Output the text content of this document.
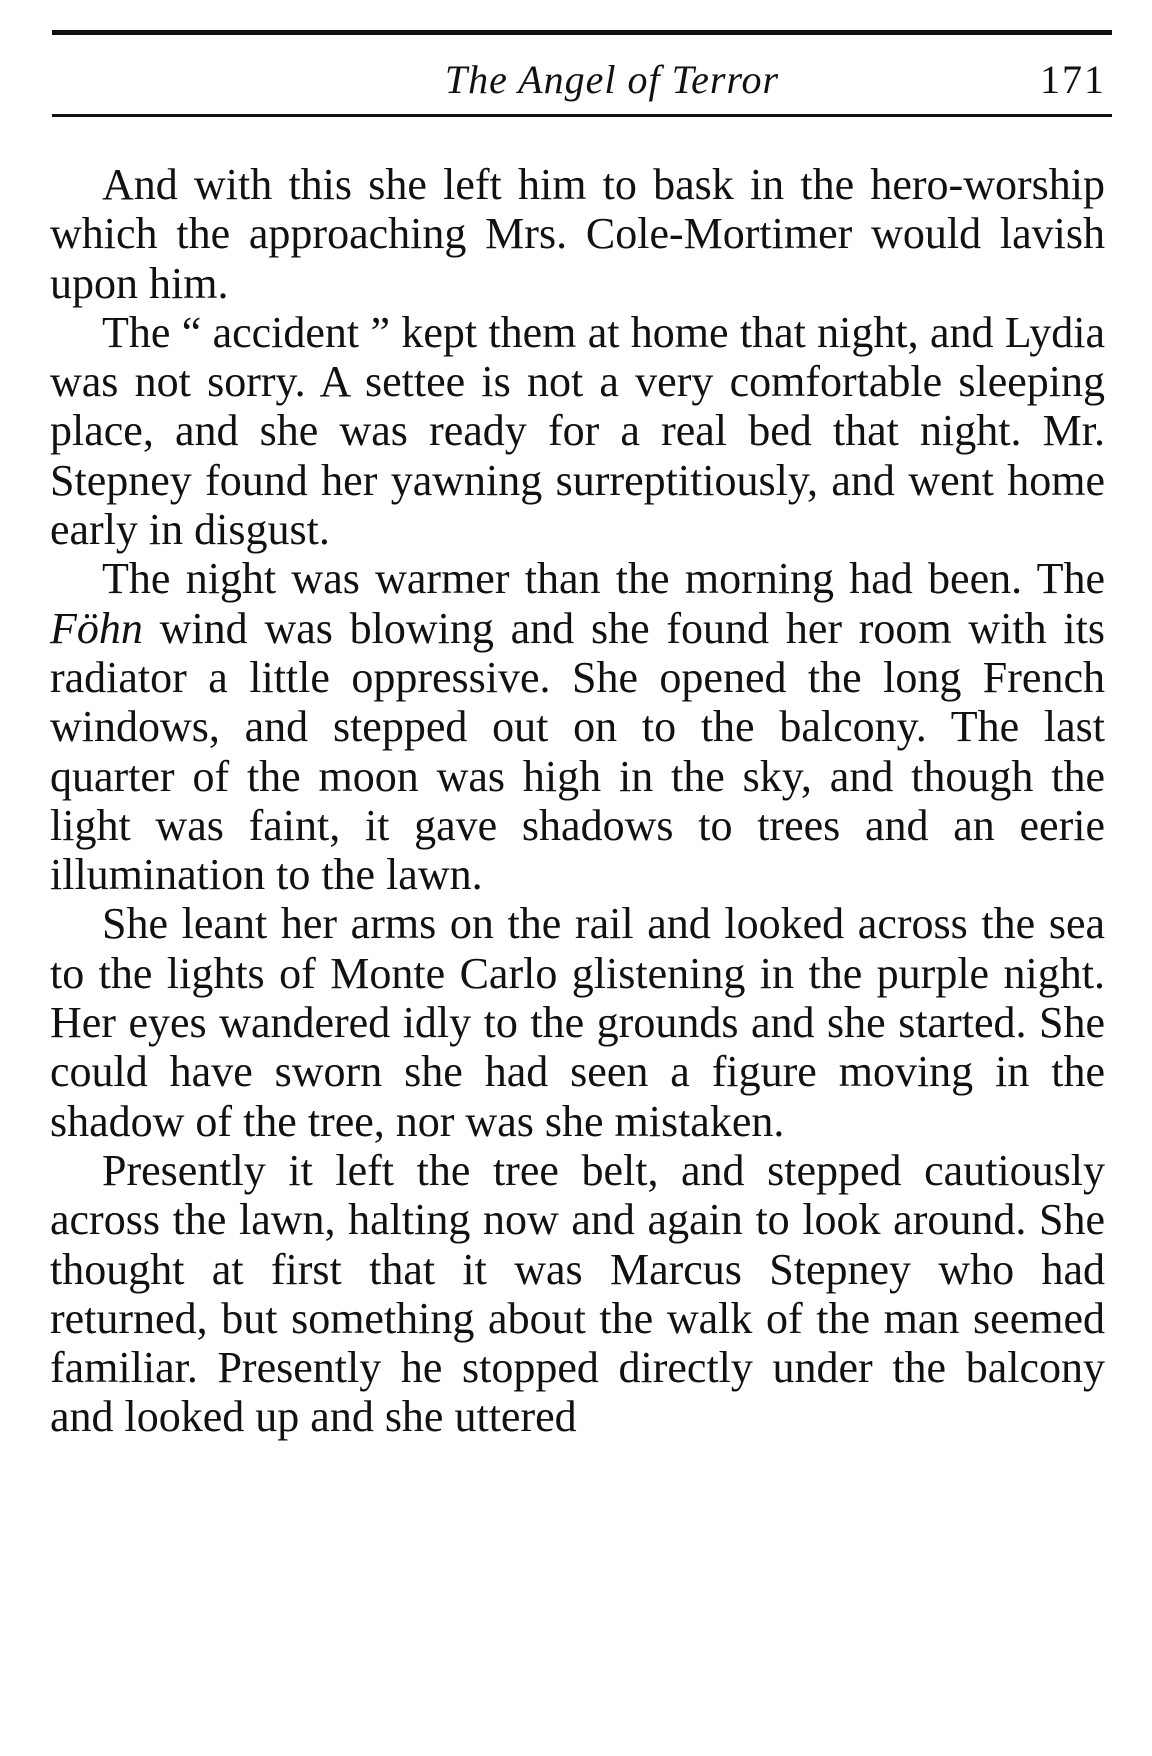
The Angel of Terror	171

And with this she left him to bask in the hero-worship which the approaching Mrs. Cole-Mortimer would lavish upon him.

The “ accident ” kept them at home that night, and Lydia was not sorry. A settee is not a very comfortable sleeping place, and she was ready for a real bed that night. Mr. Stepney found her yawning surreptitiously, and went home early in disgust.

The night was warmer than the morning had been. The Föhn wind was blowing and she found her room with its radiator a little oppressive. She opened the long French windows, and stepped out on to the balcony. The last quarter of the moon was high in the sky, and though the light was faint, it gave shadows to trees and an eerie illumination to the lawn.

She leant her arms on the rail and looked across the sea to the lights of Monte Carlo glistening in the purple night. Her eyes wandered idly to the grounds and she started. She could have sworn she had seen a figure moving in the shadow of the tree, nor was she mistaken.

Presently it left the tree belt, and stepped cautiously across the lawn, halting now and again to look around. She thought at first that it was Marcus Stepney who had returned, but something about the walk of the man seemed familiar. Presently he stopped directly under the balcony and looked up and she uttered
